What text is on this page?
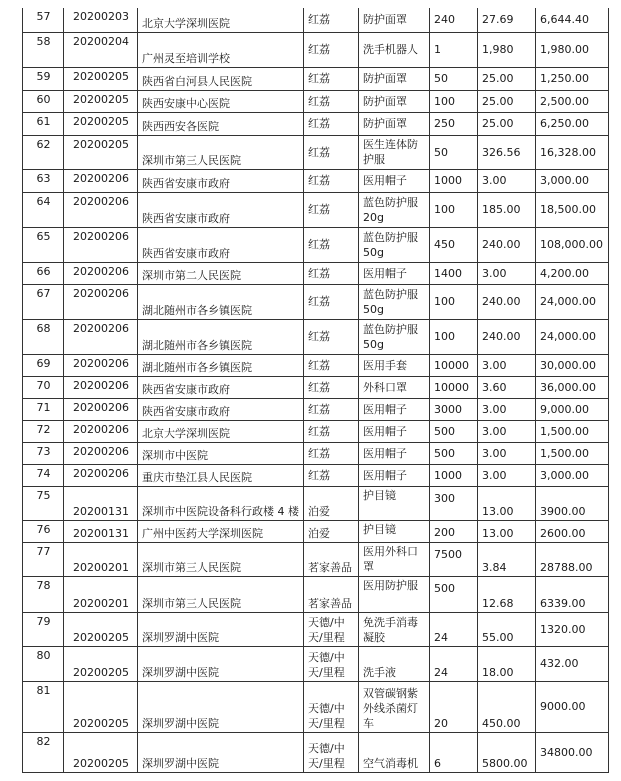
57	20200203	北京大学深圳医院	红荔	防护面罩	240	27.69	6,644.40
58	20200204	广州灵至培训学校	红荔	洗手机器人	1	1,980	1,980.00
59	20200205	陕西省白河县人民医院	红荔	防护面罩	50	25.00	1,250.00
60	20200205	陕西安康中心医院	红荔	防护面罩	100	25.00	2,500.00
61	20200205	陕西西安各医院	红荔	防护面罩	250	25.00	6,250.00
62	20200205	深圳市第三人民医院	红荔	医生连体防护服	50	326.56	16,328.00
63	20200206	陕西省安康市政府	红荔	医用帽子	1000	3.00	3,000.00
64	20200206	陕西省安康市政府	红荔	蓝色防护服 20g	100	185.00	18,500.00
65	20200206	陕西省安康市政府	红荔	蓝色防护服 50g	450	240.00	108,000.00
66	20200206	深圳市第二人民医院	红荔	医用帽子	1400	3.00	4,200.00
67	20200206	湖北随州市各乡镇医院	红荔	蓝色防护服 50g	100	240.00	24,000.00
68	20200206	湖北随州市各乡镇医院	红荔	蓝色防护服 50g	100	240.00	24,000.00
69	20200206	湖北随州市各乡镇医院	红荔	医用手套	10000	3.00	30,000.00
70	20200206	陕西省安康市政府	红荔	外科口罩	10000	3.60	36,000.00
71	20200206	陕西省安康市政府	红荔	医用帽子	3000	3.00	9,000.00
72	20200206	北京大学深圳医院	红荔	医用帽子	500	3.00	1,500.00
73	20200206	深圳市中医院	红荔	医用帽子	500	3.00	1,500.00
74	20200206	重庆市垫江县人民医院	红荔	医用帽子	1000	3.00	3,000.00
75	20200131	深圳市中医院设备科行政楼 4 楼	泊爱	护目镜	300	13.00	3900.00
76	20200131	广州中医药大学深圳医院	泊爱	护目镜	200	13.00	2600.00
77	20200201	深圳市第三人民医院	茗家善品	医用外科口罩	7500	3.84	28788.00
78	20200201	深圳市第三人民医院	茗家善品	医用防护服	500	12.68	6339.00
79	20200205	深圳罗湖中医院	天德/中天/里程	免洗手消毒凝胶	24	55.00	1320.00
80	20200205	深圳罗湖中医院	天德/中天/里程	洗手液	24	18.00	432.00
81	20200205	深圳罗湖中医院	天德/中天/里程	双管碳钢紫外线杀菌灯车	20	450.00	9000.00
82	20200205	深圳罗湖中医院	天德/中天/里程	空气消毒机	6	5800.00	34800.00
